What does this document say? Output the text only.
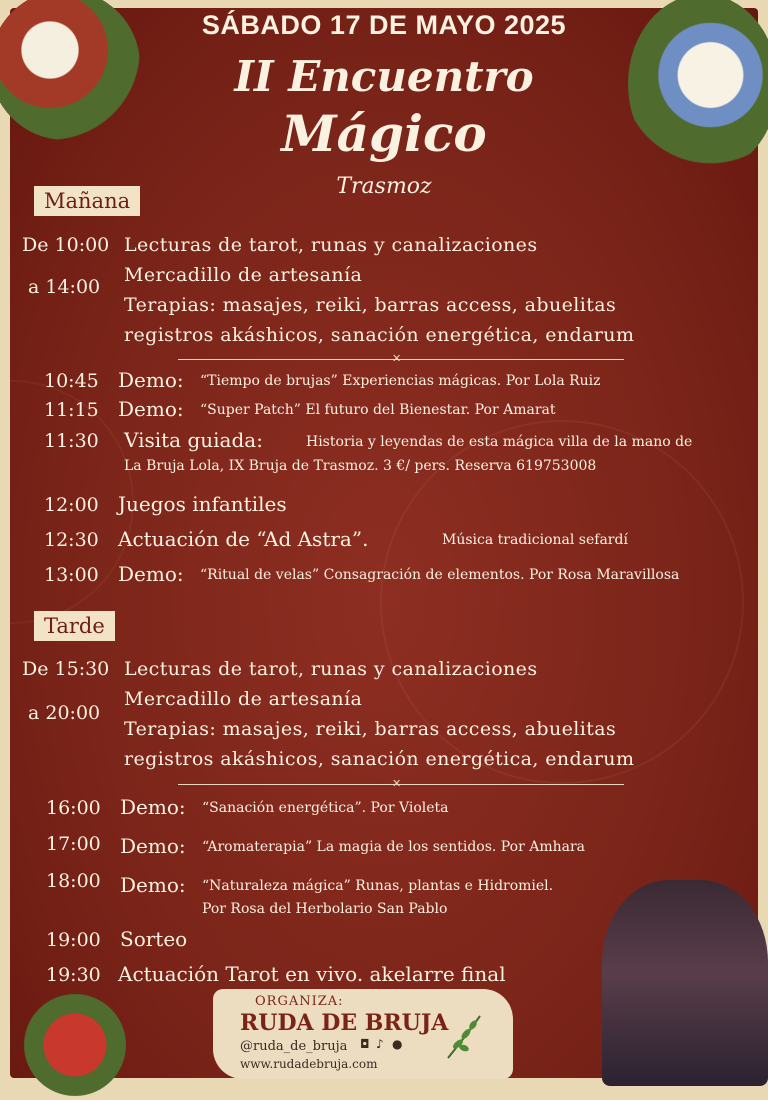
SÁBADO 17 DE MAYO 2025
II Encuentro
Mágico
Trasmoz
Mañana
De 10:00
a 14:00
Lecturas de tarot, runas y canalizaciones
Mercadillo de artesanía
Terapias: masajes, reiki, barras access, abuelitas
registros akáshicos, sanación energética, endarum
✕
10:45 Demo: “Tiempo de brujas” Experiencias mágicas. Por Lola Ruiz
11:15 Demo: “Super Patch” El futuro del Bienestar. Por Amarat
11:30 Visita guiada:	Historia y leyendas de esta mágica villa de la mano de
La Bruja Lola, IX Bruja de Trasmoz. 3 €/ pers. Reserva 619753008
12:00 Juegos infantiles
12:30 Actuación de “Ad Astra”.	Música tradicional sefardí
13:00 Demo: “Ritual de velas” Consagración de elementos. Por Rosa Maravillosa
Tarde
De 15:30
a 20:00
Lecturas de tarot, runas y canalizaciones
Mercadillo de artesanía
Terapias: masajes, reiki, barras access, abuelitas
registros akáshicos, sanación energética, endarum
✕
16:00 Demo: “Sanación energética”. Por Violeta
17:00 Demo: “Aromaterapia” La magia de los sentidos. Por Amhara
18:00 Demo: “Naturaleza mágica” Runas, plantas e Hidromiel.
Por Rosa del Herbolario San Pablo
19:00 Sorteo
19:30 Actuación Tarot en vivo. akelarre final
ORGANIZA:
RUDA DE BRUJA
@ruda_de_bruja ◘ ♪ ●
www.rudadebruja.com
